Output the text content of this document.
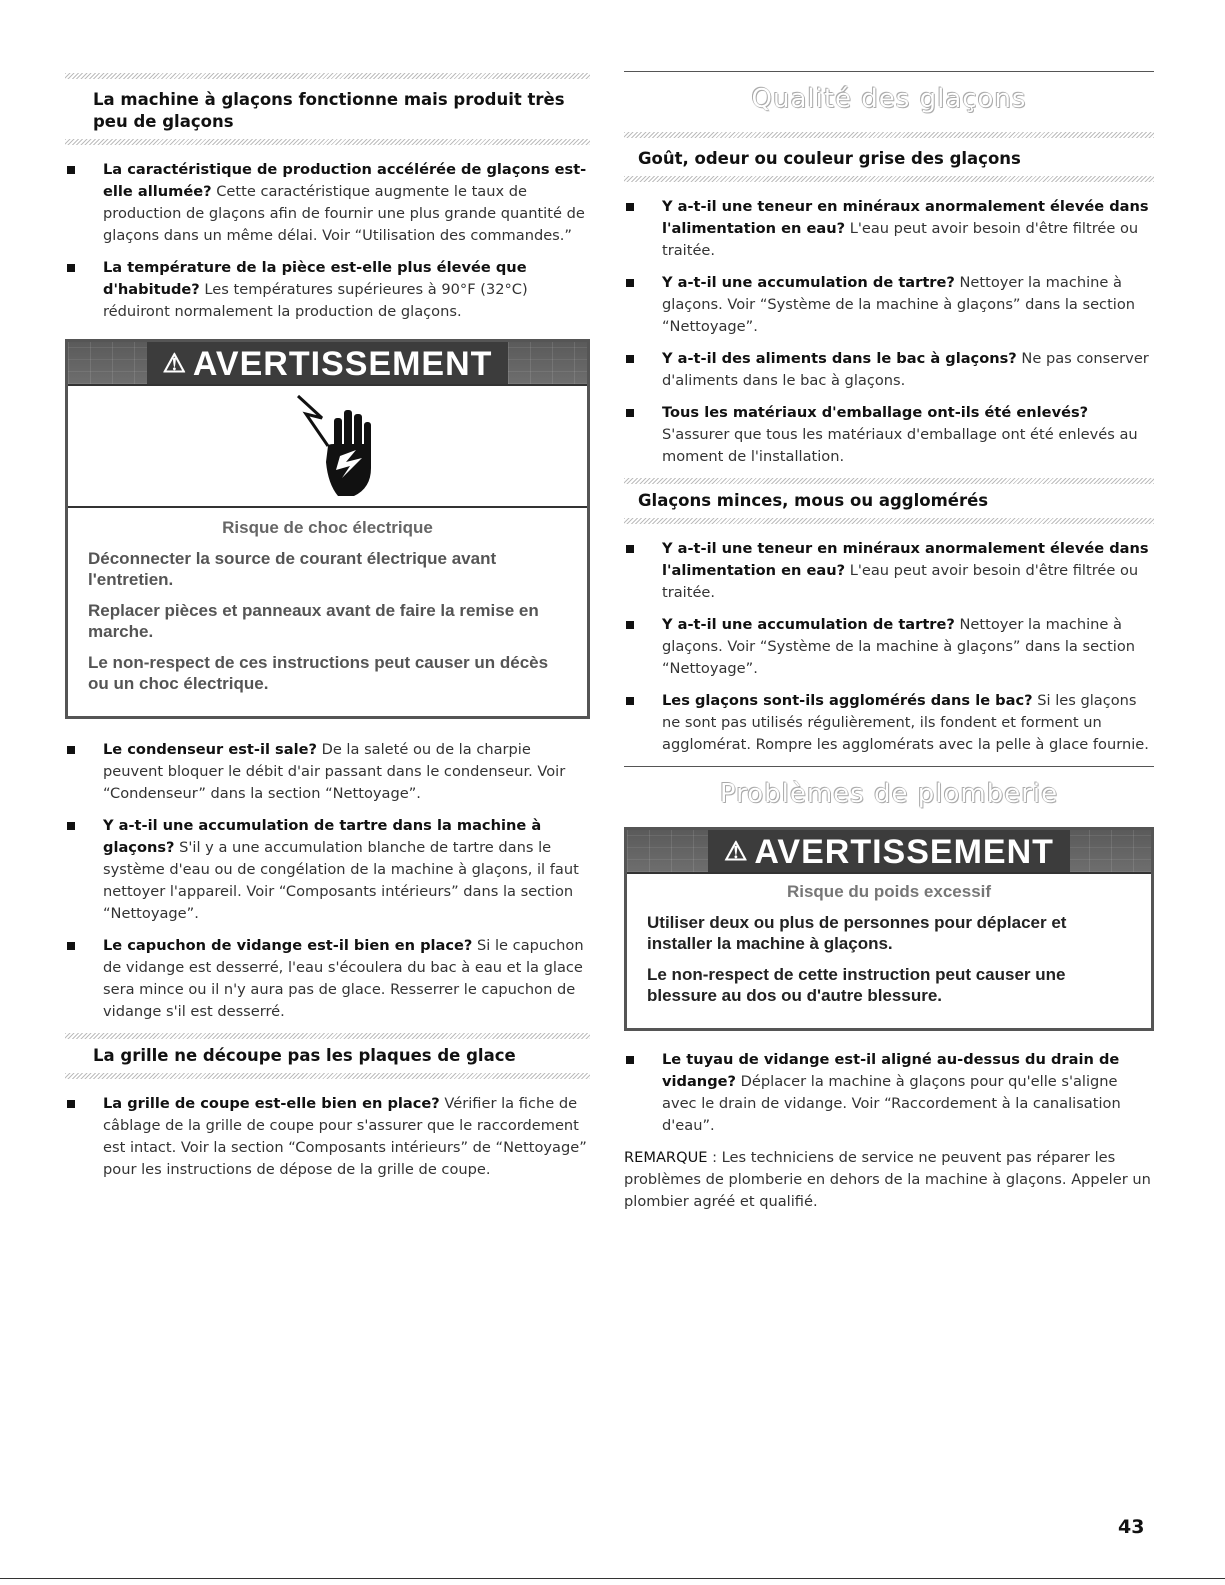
La machine à glaçons fonctionne mais produit très peu de glaçons
La caractéristique de production accélérée de glaçons est-elle allumée? Cette caractéristique augmente le taux de production de glaçons afin de fournir une plus grande quantité de glaçons dans un même délai. Voir “Utilisation des commandes.”
La température de la pièce est-elle plus élevée que d'habitude? Les températures supérieures à 90°F (32°C) réduiront normalement la production de glaçons.
⚠ AVERTISSEMENT
Risque de choc électrique
Déconnecter la source de courant électrique avant l'entretien.
Replacer pièces et panneaux avant de faire la remise en marche.
Le non-respect de ces instructions peut causer un décès ou un choc électrique.
Le condenseur est-il sale? De la saleté ou de la charpie peuvent bloquer le débit d'air passant dans le condenseur. Voir “Condenseur” dans la section “Nettoyage”.
Y a-t-il une accumulation de tartre dans la machine à glaçons? S'il y a une accumulation blanche de tartre dans le système d'eau ou de congélation de la machine à glaçons, il faut nettoyer l'appareil. Voir “Composants intérieurs” dans la section “Nettoyage”.
Le capuchon de vidange est-il bien en place? Si le capuchon de vidange est desserré, l'eau s'écoulera du bac à eau et la glace sera mince ou il n'y aura pas de glace. Resserrer le capuchon de vidange s'il est desserré.
La grille ne découpe pas les plaques de glace
La grille de coupe est-elle bien en place? Vérifier la fiche de câblage de la grille de coupe pour s'assurer que le raccordement est intact. Voir la section “Composants intérieurs” de “Nettoyage” pour les instructions de dépose de la grille de coupe.
Qualité des glaçons
Goût, odeur ou couleur grise des glaçons
Y a-t-il une teneur en minéraux anormalement élevée dans l'alimentation en eau? L'eau peut avoir besoin d'être filtrée ou traitée.
Y a-t-il une accumulation de tartre? Nettoyer la machine à glaçons. Voir “Système de la machine à glaçons” dans la section “Nettoyage”.
Y a-t-il des aliments dans le bac à glaçons? Ne pas conserver d'aliments dans le bac à glaçons.
Tous les matériaux d'emballage ont-ils été enlevés? S'assurer que tous les matériaux d'emballage ont été enlevés au moment de l'installation.
Glaçons minces, mous ou agglomérés
Y a-t-il une teneur en minéraux anormalement élevée dans l'alimentation en eau? L'eau peut avoir besoin d'être filtrée ou traitée.
Y a-t-il une accumulation de tartre? Nettoyer la machine à glaçons. Voir “Système de la machine à glaçons” dans la section “Nettoyage”.
Les glaçons sont-ils agglomérés dans le bac? Si les glaçons ne sont pas utilisés régulièrement, ils fondent et forment un agglomérat. Rompre les agglomérats avec la pelle à glace fournie.
Problèmes de plomberie
⚠ AVERTISSEMENT
Risque du poids excessif
Utiliser deux ou plus de personnes pour déplacer et installer la machine à glaçons.
Le non-respect de cette instruction peut causer une blessure au dos ou d'autre blessure.
Le tuyau de vidange est-il aligné au-dessus du drain de vidange? Déplacer la machine à glaçons pour qu'elle s'aligne avec le drain de vidange. Voir “Raccordement à la canalisation d'eau”.
REMARQUE : Les techniciens de service ne peuvent pas réparer les problèmes de plomberie en dehors de la machine à glaçons. Appeler un plombier agréé et qualifié.
43
